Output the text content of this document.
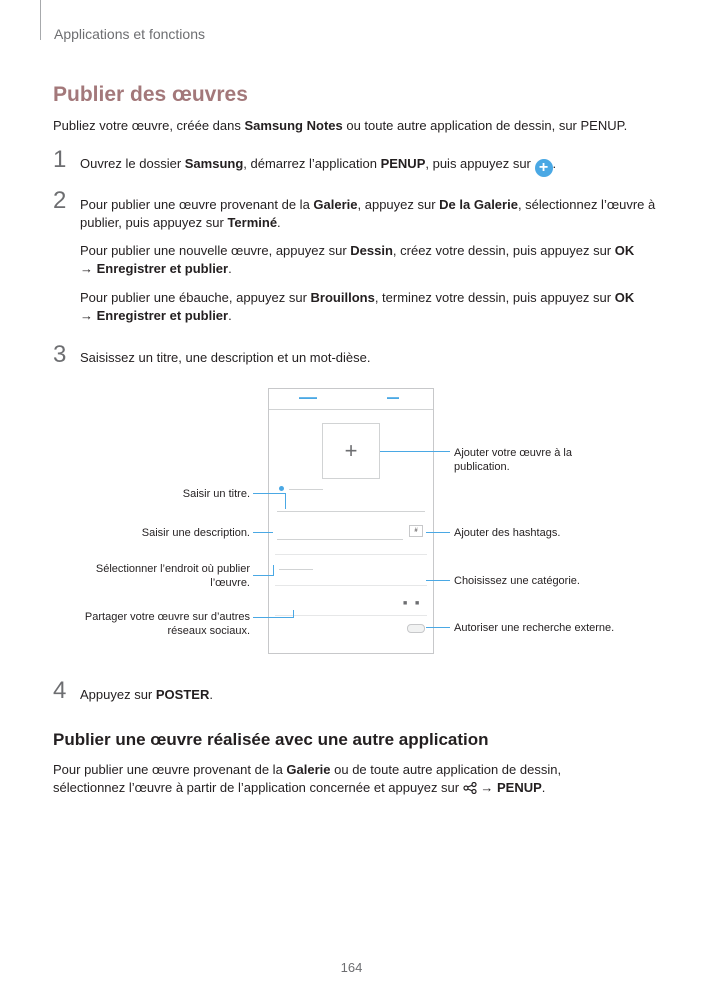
Applications et fonctions
Publier des œuvres
Publiez votre œuvre, créée dans Samsung Notes ou toute autre application de dessin, sur PENUP.
1 Ouvrez le dossier Samsung, démarrez l’application PENUP, puis appuyez sur + .
2 Pour publier une œuvre provenant de la Galerie, appuyez sur De la Galerie, sélectionnez l’œuvre à publier, puis appuyez sur Terminé.
Pour publier une nouvelle œuvre, appuyez sur Dessin, créez votre dessin, puis appuyez sur OK
→ Enregistrer et publier.
Pour publier une ébauche, appuyez sur Brouillons, terminez votre dessin, puis appuyez sur OK
→ Enregistrer et publier.
3 Saisissez un titre, une description et un mot-dièse.
▬▬▬	▬▬
+
#
■ ■
Ajouter votre œuvre à la publication.
Ajouter des hashtags.
Choisissez une catégorie.
Autoriser une recherche externe.
Saisir un titre.
Saisir une description.
Sélectionner l’endroit où publier l’œuvre.
Partager votre œuvre sur d’autres réseaux sociaux.
4 Appuyez sur POSTER.
Publier une œuvre réalisée avec une autre application
Pour publier une œuvre provenant de la Galerie ou de toute autre application de dessin, sélectionnez l’œuvre à partir de l’application concernée et appuyez sur  → PENUP.
164
